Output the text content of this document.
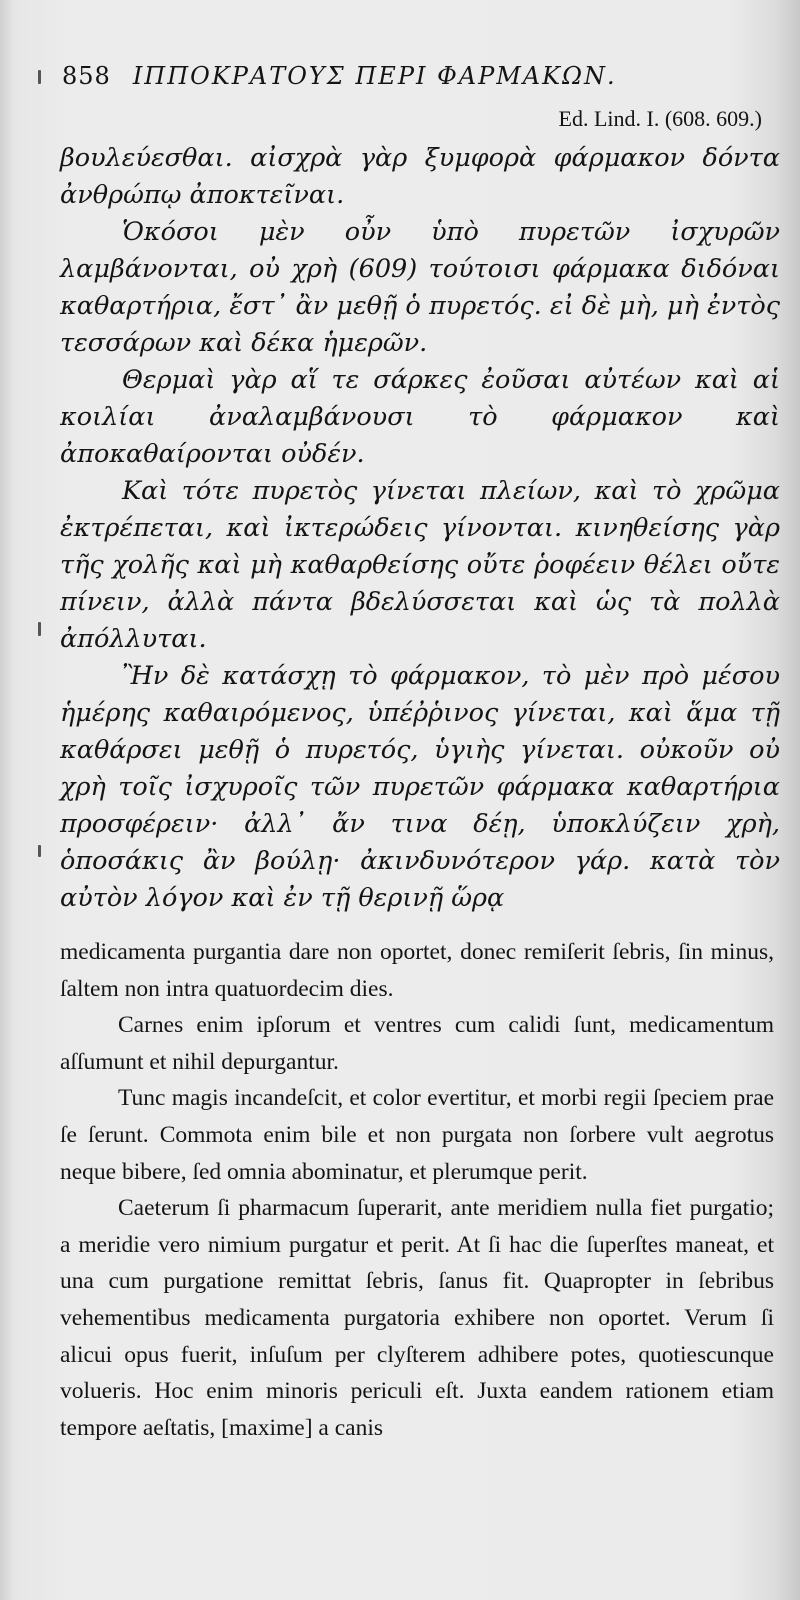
858 ΙΠΠΟΚΡΑΤΟΥΣ ΠΕΡΙ ΦΑΡΜΑΚΩΝ.
Ed. Lind. I. (608. 609.)

βουλεύεσθαι. αἰσχρὰ γὰρ ξυμφορὰ φάρμακον δόντα ἀνθρώπῳ ἀποκτεῖναι.

Ὁκόσοι μὲν οὖν ὑπὸ πυρετῶν ἰσχυρῶν λαμβάνονται, οὐ χρὴ (609) τούτοισι φάρμακα διδόναι καθαρτήρια, ἔστ᾽ ἂν μεθῇ ὁ πυρετός. εἰ δὲ μὴ, μὴ ἐντὸς τεσσάρων καὶ δέκα ἡμερῶν.

Θερμαὶ γὰρ αἵ τε σάρκες ἐοῦσαι αὐτέων καὶ αἱ κοιλίαι ἀναλαμβάνουσι τὸ φάρμακον καὶ ἀποκαθαίρονται οὐδέν.

Καὶ τότε πυρετὸς γίνεται πλείων, καὶ τὸ χρῶμα ἐκτρέπεται, καὶ ἰκτερώδεις γίνονται. κινηθείσης γὰρ τῆς χολῆς καὶ μὴ καθαρθείσης οὔτε ῥοφέειν θέλει οὔτε πίνειν, ἀλλὰ πάντα βδελύσσεται καὶ ὡς τὰ πολλὰ ἀπόλλυται.

Ἢν δὲ κατάσχῃ τὸ φάρμακον, τὸ μὲν πρὸ μέσου ἡμέρης καθαιρόμενος, ὑπέῤῥινος γίνεται, καὶ ἅμα τῇ καθάρσει μεθῇ ὁ πυρετός, ὑγιὴς γίνεται. οὐκοῦν οὐ χρὴ τοῖς ἰσχυροῖς τῶν πυρετῶν φάρμακα καθαρτήρια προσφέρειν· ἀλλ᾽ ἄν τινα δέῃ, ὑποκλύζειν χρὴ, ὁποσάκις ἂν βούλῃ· ἀκινδυνότερον γάρ. κατὰ τὸν αὐτὸν λόγον καὶ ἐν τῇ θερινῇ ὥρᾳ

medicamenta purgantia dare non oportet, donec remiſerit ſebris, ſin minus, ſaltem non intra quatuordecim dies.

Carnes enim ipſorum et ventres cum calidi ſunt, medicamentum aſſumunt et nihil depurgantur.

Tunc magis incandeſcit, et color evertitur, et morbi regii ſpeciem prae ſe ſerunt. Commota enim bile et non purgata non ſorbere vult aegrotus neque bibere, ſed omnia abominatur, et plerumque perit.

Caeterum ſi pharmacum ſuperarit, ante meridiem nulla fiet purgatio; a meridie vero nimium purgatur et perit. At ſi hac die ſuperſtes maneat, et una cum purgatione remittat ſebris, ſanus fit. Quapropter in ſebribus vehementibus medicamenta purgatoria exhibere non oportet. Verum ſi alicui opus fuerit, inſuſum per clyſterem adhibere potes, quotiescunque volueris. Hoc enim minoris periculi eſt. Juxta eandem rationem etiam tempore aeſtatis, [maxime] a canis
